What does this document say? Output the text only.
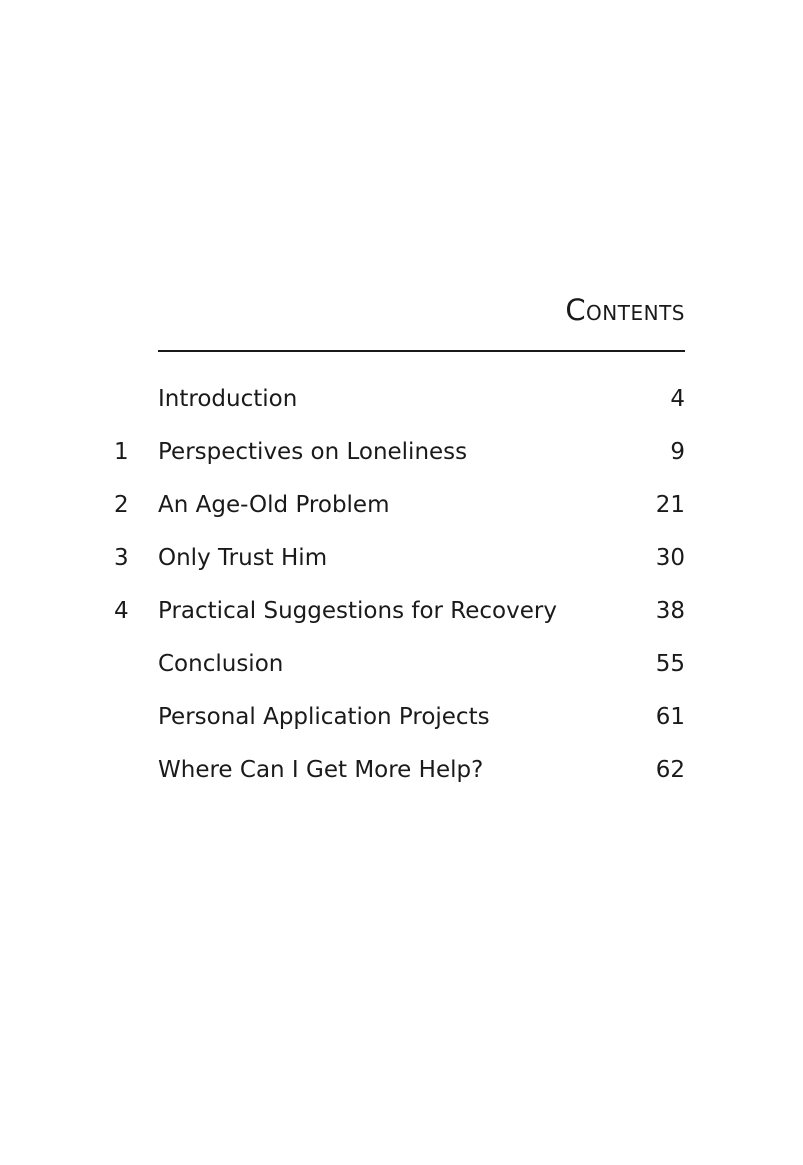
Contents
Introduction	4
1	Perspectives on Loneliness	9
2	An Age-Old Problem	21
3	Only Trust Him	30
4	Practical Suggestions for Recovery	38
Conclusion	55
Personal Application Projects	61
Where Can I Get More Help?	62
